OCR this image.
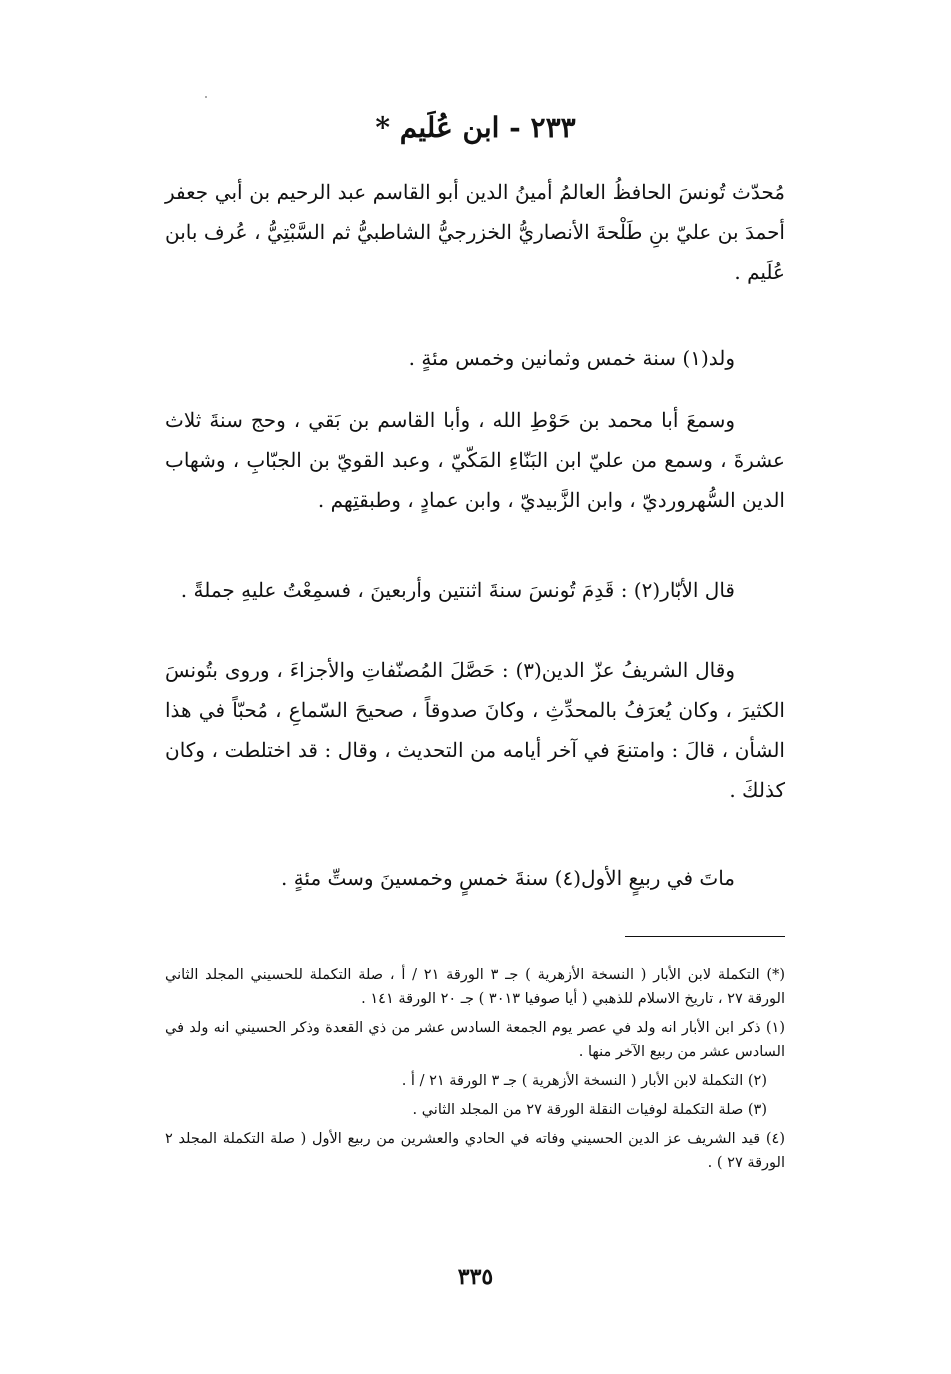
٢٣٣ - ابن عُلَيم *

مُحدّث تُونسَ الحافظُ العالمُ أمينُ الدين أبو القاسم عبد الرحيم بن أبي جعفر أحمدَ بن عليّ بنِ طَلْحةَ الأنصاريُّ الخزرجيُّ الشاطبيُّ ثم السَّبْتِيُّ ، عُرف بابن عُلَيم .

ولد(١) سنة خمس وثمانين وخمس مئةٍ .

وسمعَ أبا محمد بن حَوْطِ الله ، وأبا القاسم بن بَقي ، وحج سنةَ ثلاث عشرةَ ، وسمع من عليّ ابن البَنّاءِ المَكّيّ ، وعبد القويّ بن الجبّابِ ، وشهاب الدين السُّهرورديّ ، وابن الزَّبيديّ ، وابن عمادٍ ، وطبقتِهم .

قال الأبّار(٢) : قَدِمَ تُونسَ سنةَ اثنتين وأربعينَ ، فسمِعْتُ عليهِ جملةً .

وقال الشريفُ عزّ الدين(٣) : حَصَّلَ المُصنّفاتِ والأجزاءَ ، وروى بتُونسَ الكثيرَ ، وكان يُعرَفُ بالمحدِّثِ ، وكانَ صدوقاً ، صحيحَ السّماعِ ، مُحبّاً في هذا الشأن ، قالَ : وامتنعَ في آخر أيامه من التحديث ، وقال : قد اختلطت ، وكان كذلكَ .

ماتَ في ربيعٍ الأول(٤) سنةَ خمسٍ وخمسينَ وستِّ مئةٍ .

(*) التكملة لابن الأبار ( النسخة الأزهرية ) جـ ٣ الورقة ٢١ / أ ، صلة التكملة للحسيني المجلد الثاني الورقة ٢٧ ، تاريخ الاسلام للذهبي ( أيا صوفيا ٣٠١٣ ) جـ ٢٠ الورقة ١٤١ .

(١) ذكر ابن الأبار انه ولد في عصر يوم الجمعة السادس عشر من ذي القعدة وذكر الحسيني انه ولد في السادس عشر من ربيع الآخر منها .

(٢) التكملة لابن الأبار ( النسخة الأزهرية ) جـ ٣ الورقة ٢١ / أ .

(٣) صلة التكملة لوفيات النقلة الورقة ٢٧ من المجلد الثاني .

(٤) قيد الشريف عز الدين الحسيني وفاته في الحادي والعشرين من ربيع الأول ( صلة التكملة المجلد ٢ الورقة ٢٧ ) .

٣٣٥
